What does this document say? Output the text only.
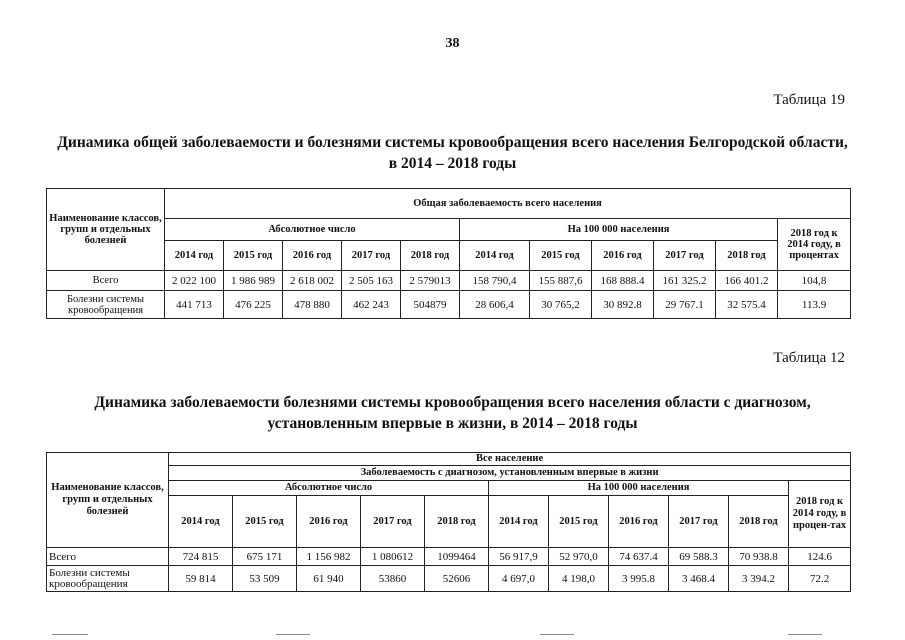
38
Таблица 19
Динамика общей заболеваемости и болезнями системы кровообращения всего населения Белгородской области,
в 2014 – 2018 годы
Наименование классов, групп и отдельных болезней	Общая заболеваемость всего населения										
	Абсолютное число					На 100 000 населения					2018 год к 2014 году, в процентах
	2014 год	2015 год	2016 год	2017 год	2018 год	2014 год	2015 год	2016 год	2017 год	2018 год	
Всего	2 022 100	1 986 989	2 618 002	2 505 163	2 579013	158 790,4	155 887,6	168 888.4	161 325.2	166 401.2	104,8
Болезни системы кровообращения	441 713	476 225	478 880	462 243	504879	28 606,4	30 765,2	30 892.8	29 767.1	32 575.4	113.9
Таблица 12
Динамика заболеваемости болезнями системы кровообращения всего населения области с диагнозом,
установленным впервые в жизни, в 2014 – 2018 годы
Наименование классов, групп и отдельных болезней	Все население										
	Заболеваемость с диагнозом, установленным впервые в жизни										
	Абсолютное число					На 100 000 населения					2018 год к 2014 году, в процен-тах
	2014 год	2015 год	2016 год	2017 год	2018 год	2014 год	2015 год	2016 год	2017 год	2018 год	
Всего	724 815	675 171	1 156 982	1 080612	1099464	56 917,9	52 970,0	74 637.4	69 588.3	70 938.8	124.6
Болезни системы кровообращения	59 814	53 509	61 940	53860	52606	4 697,0	4 198,0	3 995.8	3 468.4	3 394.2	72.2
